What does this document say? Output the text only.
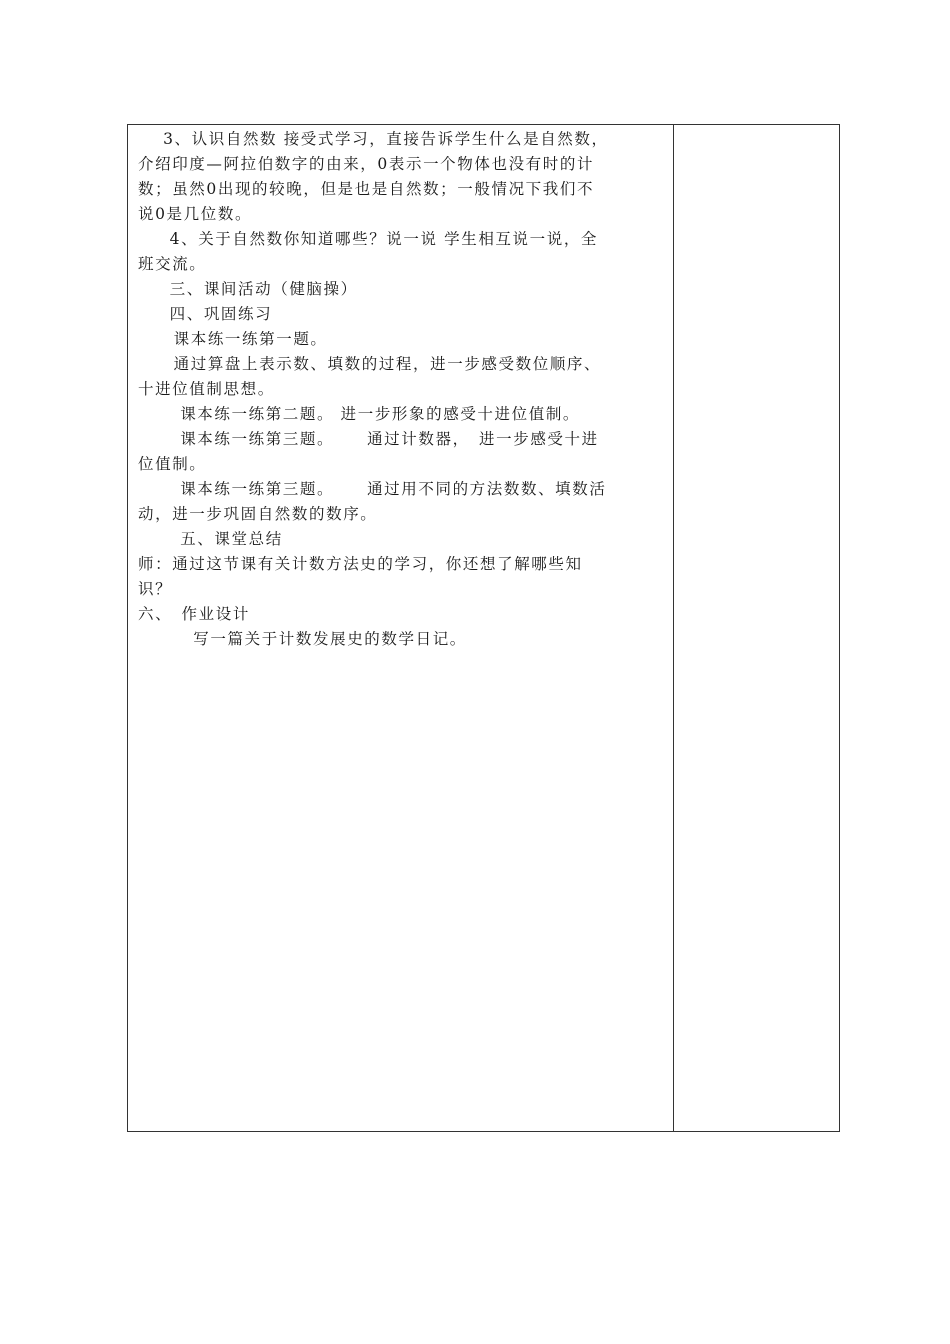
　3、认识自然数 接受式学习，直接告诉学生什么是自然数，
介绍印度—阿拉伯数字的由来，0表示一个物体也没有时的计
数；虽然0出现的较晚，但是也是自然数；一般情况下我们不
说0是几位数。
　 4、关于自然数你知道哪些？说一说 学生相互说一说，全
班交流。
　 三、课间活动（健脑操）
　 四、巩固练习
　 课本练一练第一题。
　 通过算盘上表示数、填数的过程，进一步感受数位顺序、
十进位值制思想。
　　课本练一练第二题。 进一步形象的感受十进位值制。
　　课本练一练第三题。　　 通过计数器，　进一步感受十进
位值制。
　　课本练一练第三题。　　 通过用不同的方法数数、填数活
动，进一步巩固自然数的数序。
　　五、课堂总结
师：通过这节课有关计数方法史的学习，你还想了解哪些知
识？
六、　作业设计
　　　写一篇关于计数发展史的数学日记。
